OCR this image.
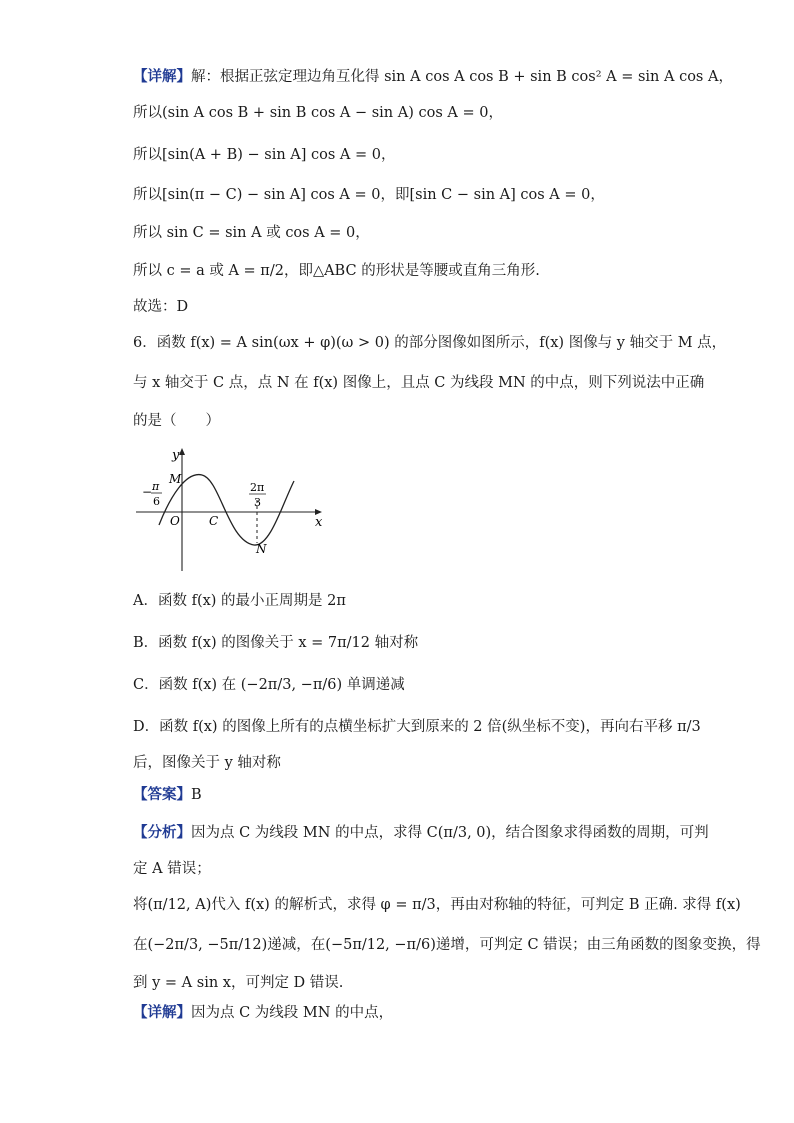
【详解】解：根据正弦定理边角互化得 sin A cos A cos B + sin B cos² A = sin A cos A，
所以(sin A cos B + sin B cos A − sin A) cos A = 0，
所以[sin(A + B) − sin A] cos A = 0，
所以[sin(π − C) − sin A] cos A = 0，即[sin C − sin A] cos A = 0，
所以 sin C = sin A 或 cos A = 0，
所以 c = a 或 A = π/2，即△ABC 的形状是等腰或直角三角形.
故选：D
6．函数 f(x) = A sin(ωx + φ)(ω > 0) 的部分图像如图所示，f(x) 图像与 y 轴交于 M 点，
与 x 轴交于 C 点，点 N 在 f(x) 图像上，且点 C 为线段 MN 的中点，则下列说法中正确
的是（　　）
y
x
O
M
C
N
− π
6
2π
3
A．函数 f(x) 的最小正周期是 2π
B．函数 f(x) 的图像关于 x = 7π/12 轴对称
C．函数 f(x) 在 (−2π/3, −π/6) 单调递减
D．函数 f(x) 的图像上所有的点横坐标扩大到原来的 2 倍(纵坐标不变)，再向右平移 π/3
后，图像关于 y 轴对称
【答案】B
【分析】因为点 C 为线段 MN 的中点，求得 C(π/3, 0)，结合图象求得函数的周期，可判
定 A 错误；
将(π/12, A)代入 f(x) 的解析式，求得 φ = π/3，再由对称轴的特征，可判定 B 正确. 求得 f(x)
在(−2π/3, −5π/12)递减，在(−5π/12, −π/6)递增，可判定 C 错误；由三角函数的图象变换，得
到 y = A sin x，可判定 D 错误.
【详解】因为点 C 为线段 MN 的中点，
